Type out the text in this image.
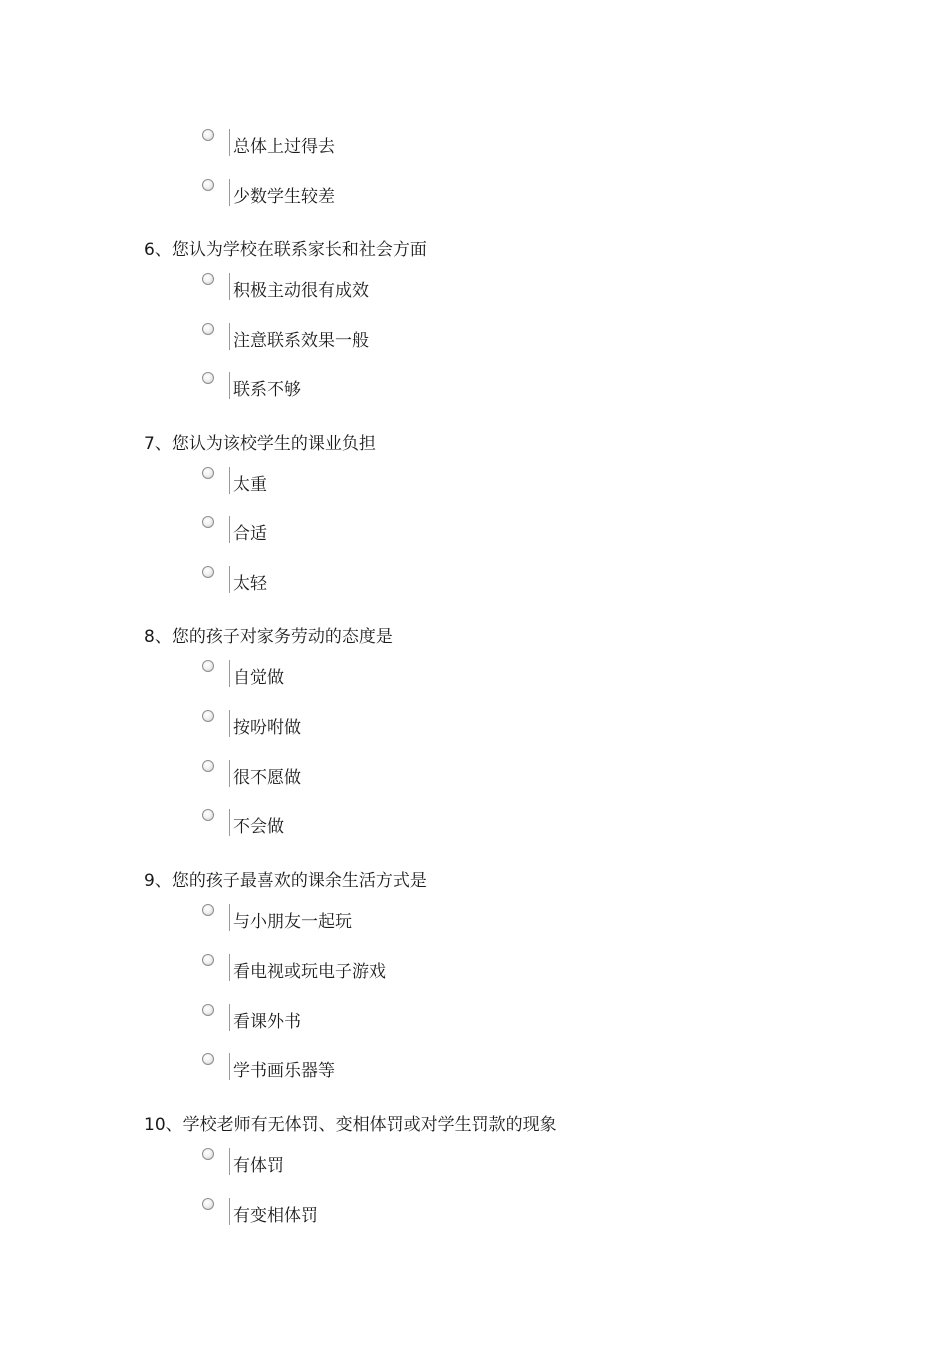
总体上过得去
少数学生较差
6、您认为学校在联系家长和社会方面
积极主动很有成效
注意联系效果一般
联系不够
7、您认为该校学生的课业负担
太重
合适
太轻
8、您的孩子对家务劳动的态度是
自觉做
按吩咐做
很不愿做
不会做
9、您的孩子最喜欢的课余生活方式是
与小朋友一起玩
看电视或玩电子游戏
看课外书
学书画乐器等
10、学校老师有无体罚、变相体罚或对学生罚款的现象
有体罚
有变相体罚
